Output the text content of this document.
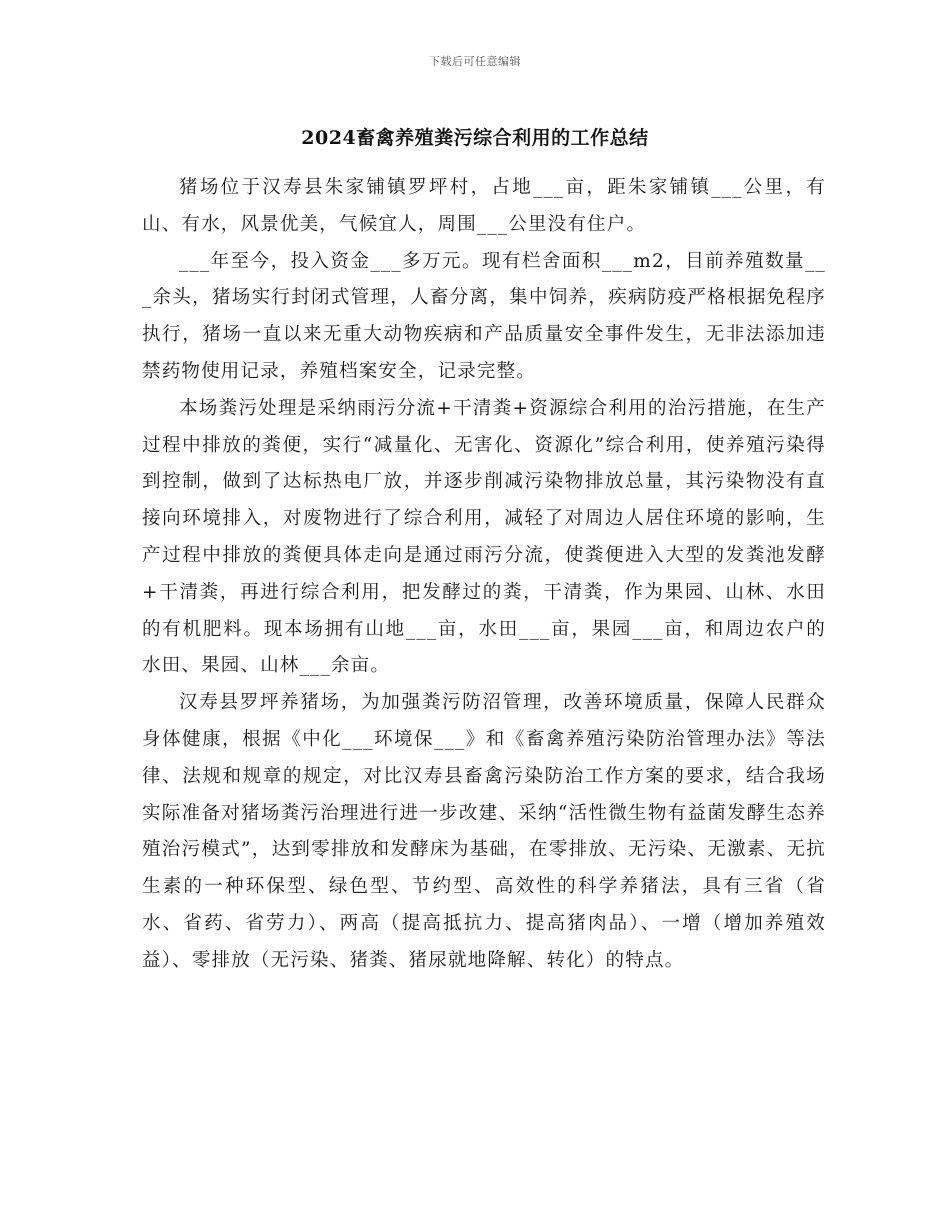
下载后可任意编辑
2024畜禽养殖粪污综合利用的工作总结

猪场位于汉寿县朱家铺镇罗坪村，占地___亩，距朱家铺镇___公里，有山、有水，风景优美，气候宜人，周围___公里没有住户。

___年至今，投入资金___多万元。现有栏舍面积___m2，目前养殖数量___余头，猪场实行封闭式管理，人畜分离，集中饲养，疾病防疫严格根据免程序执行，猪场一直以来无重大动物疾病和产品质量安全事件发生，无非法添加违禁药物使用记录，养殖档案安全，记录完整。

本场粪污处理是采纳雨污分流+干清粪+资源综合利用的治污措施，在生产过程中排放的粪便，实行“减量化、无害化、资源化”综合利用，使养殖污染得到控制，做到了达标热电厂放，并逐步削减污染物排放总量，其污染物没有直接向环境排入，对废物进行了综合利用，减轻了对周边人居住环境的影响，生产过程中排放的粪便具体走向是通过雨污分流，使粪便进入大型的发粪池发酵+干清粪，再进行综合利用，把发酵过的粪，干清粪，作为果园、山林、水田的有机肥料。现本场拥有山地___亩，水田___亩，果园___亩，和周边农户的水田、果园、山林___余亩。

汉寿县罗坪养猪场，为加强粪污防沼管理，改善环境质量，保障人民群众身体健康，根据《中化___环境保___》和《畜禽养殖污染防治管理办法》等法律、法规和规章的规定，对比汉寿县畜禽污染防治工作方案的要求，结合我场实际准备对猪场粪污治理进行进一步改建、采纳“活性微生物有益菌发酵生态养殖治污模式”，达到零排放和发酵床为基础，在零排放、无污染、无激素、无抗生素的一种环保型、绿色型、节约型、高效性的科学养猪法，具有三省（省水、省药、省劳力）、两高（提高抵抗力、提高猪肉品）、一增（增加养殖效益）、零排放（无污染、猪粪、猪尿就地降解、转化）的特点。
